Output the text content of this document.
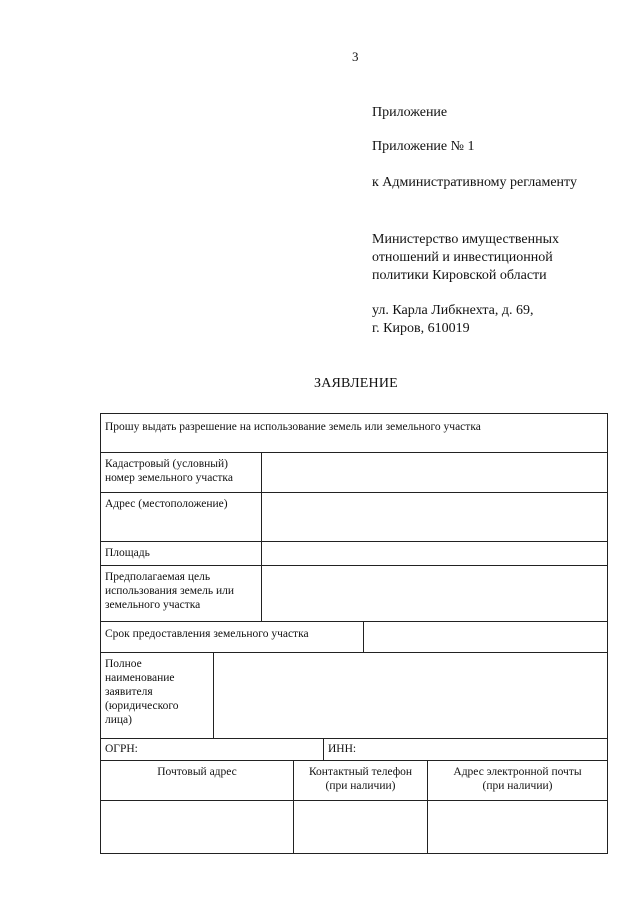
3
Приложение
Приложение № 1
к Административному регламенту
Министерство имущественных
отношений и инвестиционной
политики Кировской области
ул. Карла Либкнехта, д. 69,
г. Киров, 610019
ЗАЯВЛЕНИЕ
Прошу выдать разрешение на использование земель или земельного участка
Кадастровый (условный)
номер земельного участка
Адрес (местоположение)
Площадь
Предполагаемая цель
использования земель или
земельного участка
Срок предоставления земельного участка
Полное
наименование
заявителя
(юридического
лица)
ОГРН:	ИНН:
Почтовый адрес	Контактный телефон
(при наличии)
Адрес электронной почты
(при наличии)
